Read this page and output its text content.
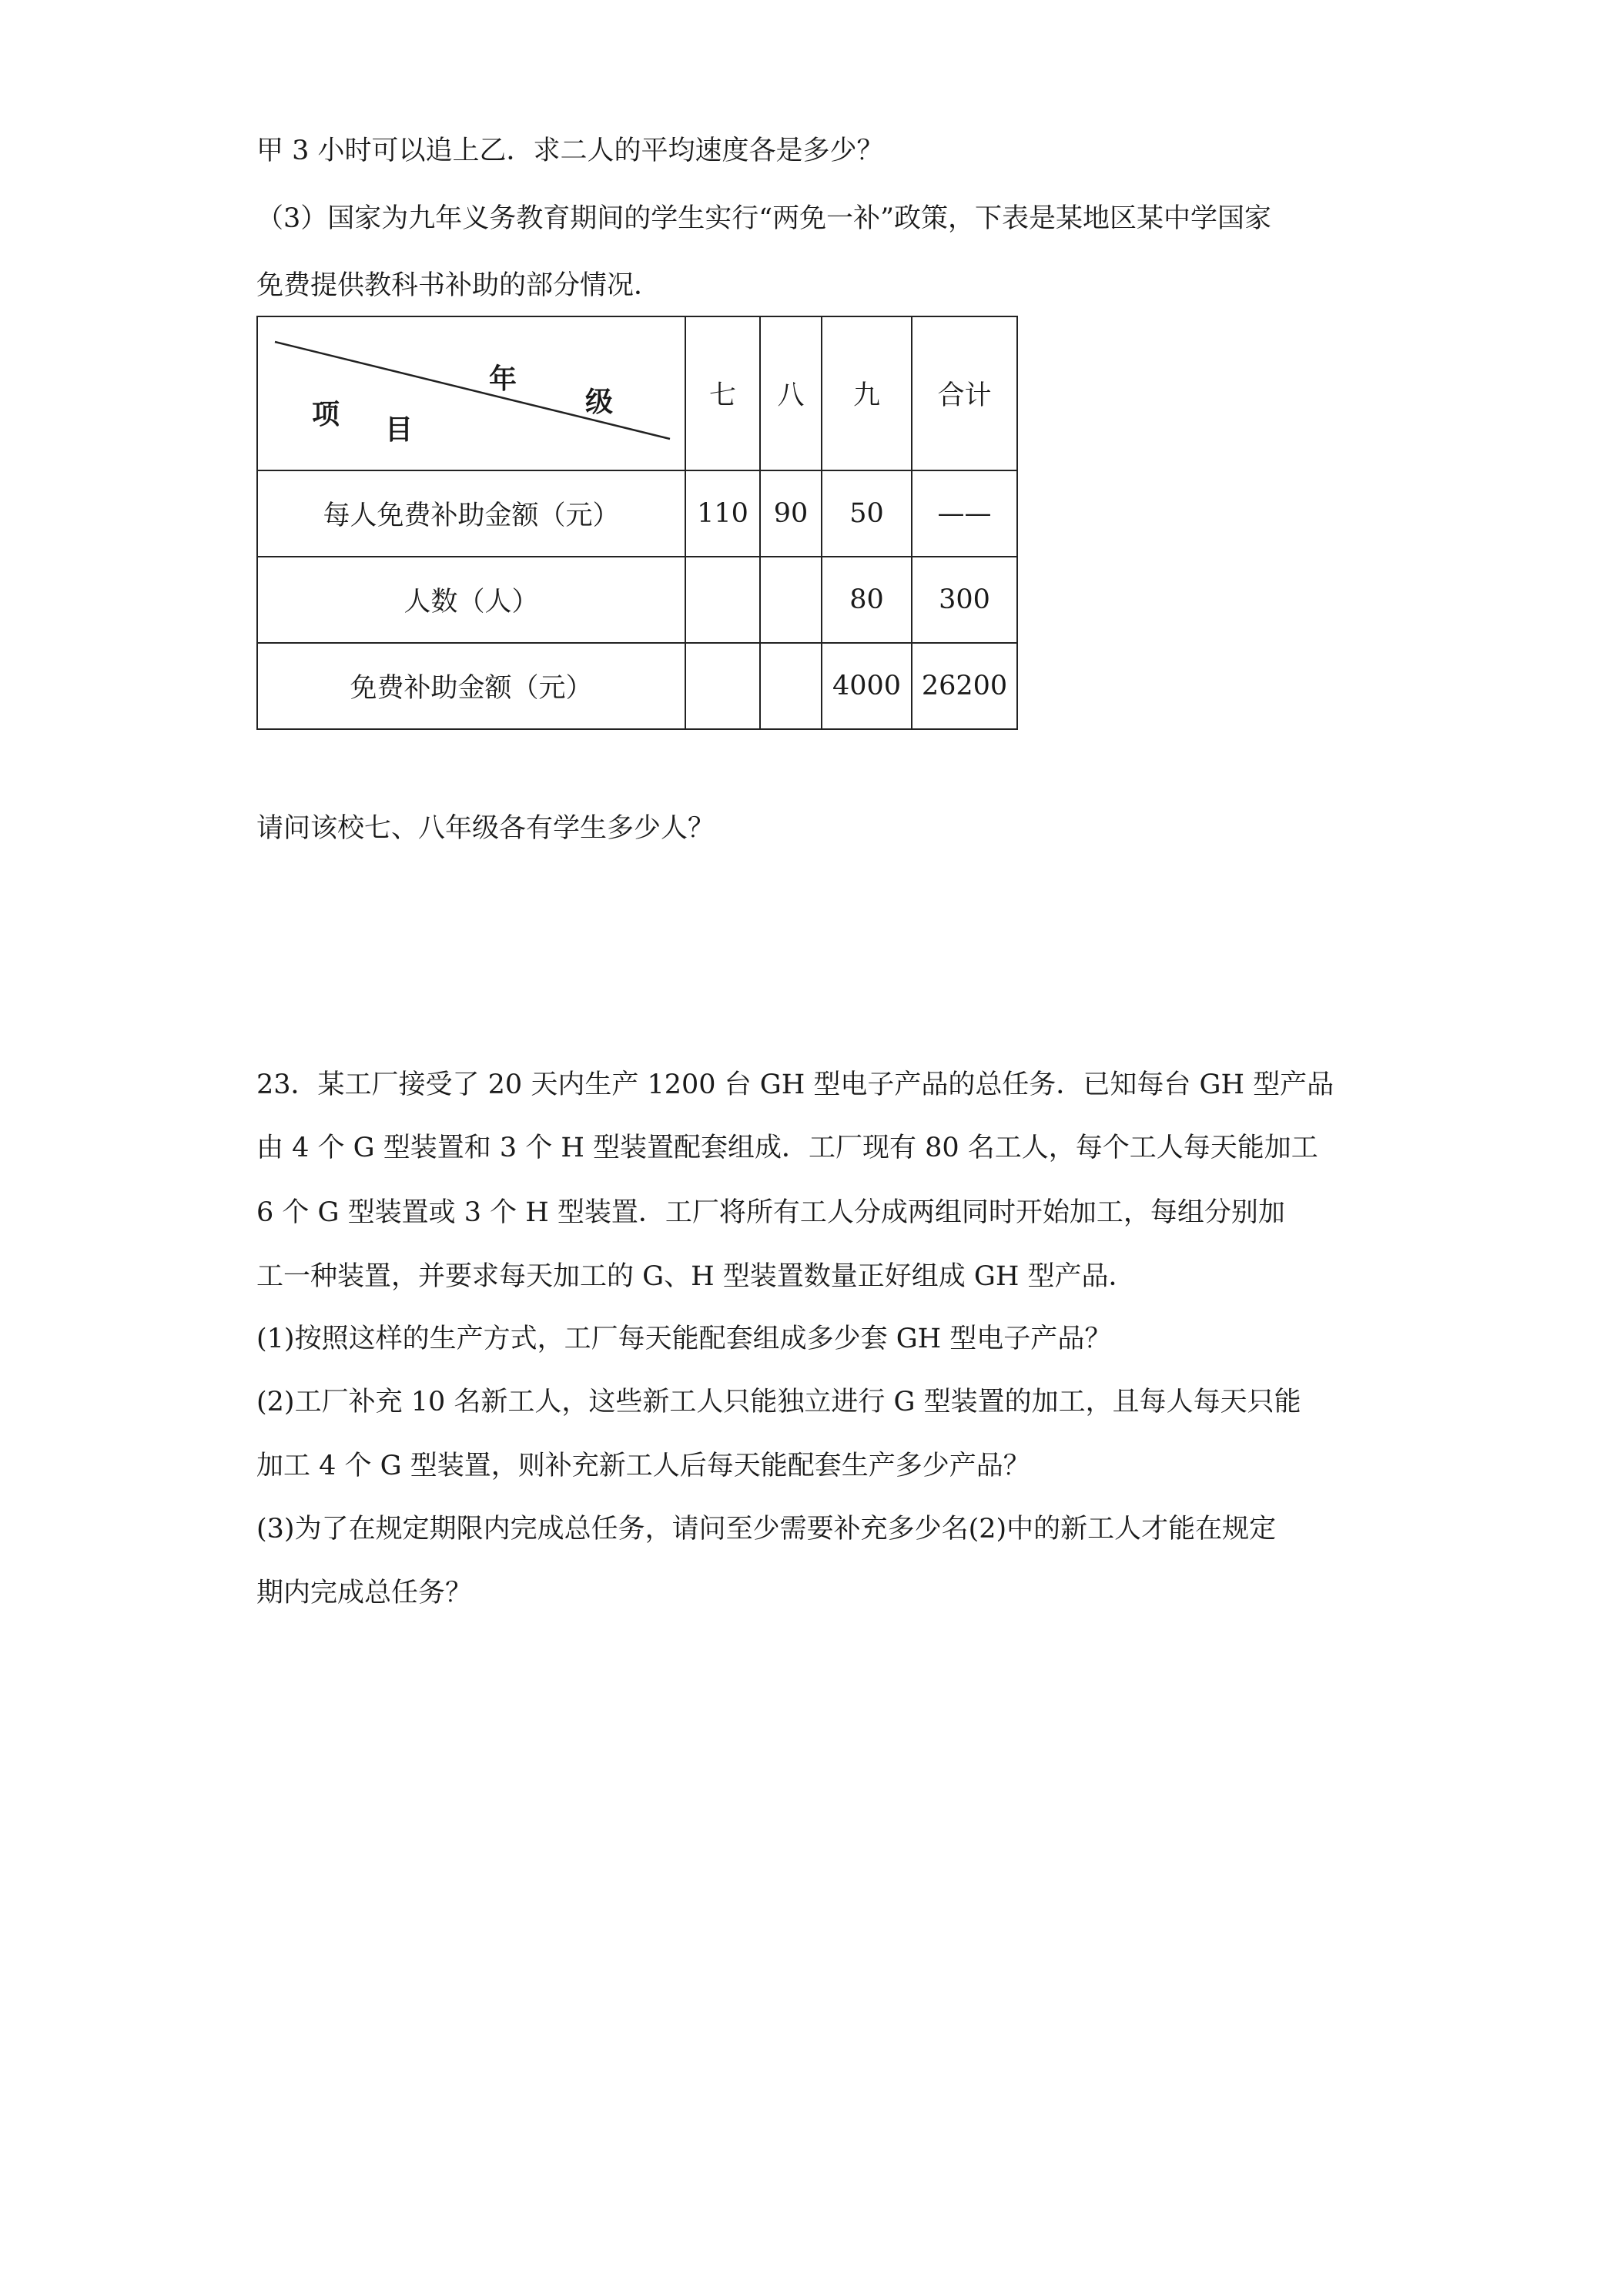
甲 3 小时可以追上乙．求二人的平均速度各是多少？
（3）国家为九年义务教育期间的学生实行“两免一补”政策，下表是某地区某中学国家
免费提供教科书补助的部分情况．
年
级
项 目	七	八	九	合计
每人免费补助金额（元）	110	90	50	——
人数（人）			80	300
免费补助金额（元）			4000	26200
请问该校七、八年级各有学生多少人？
23．某工厂接受了 20 天内生产 1200 台 GH 型电子产品的总任务．已知每台 GH 型产品
由 4 个 G 型装置和 3 个 H 型装置配套组成．工厂现有 80 名工人，每个工人每天能加工
6 个 G 型装置或 3 个 H 型装置．工厂将所有工人分成两组同时开始加工，每组分别加
工一种装置，并要求每天加工的 G、H 型装置数量正好组成 GH 型产品．
(1)按照这样的生产方式，工厂每天能配套组成多少套 GH 型电子产品？
(2)工厂补充 10 名新工人，这些新工人只能独立进行 G 型装置的加工，且每人每天只能
加工 4 个 G 型装置，则补充新工人后每天能配套生产多少产品？
(3)为了在规定期限内完成总任务，请问至少需要补充多少名(2)中的新工人才能在规定
期内完成总任务？
